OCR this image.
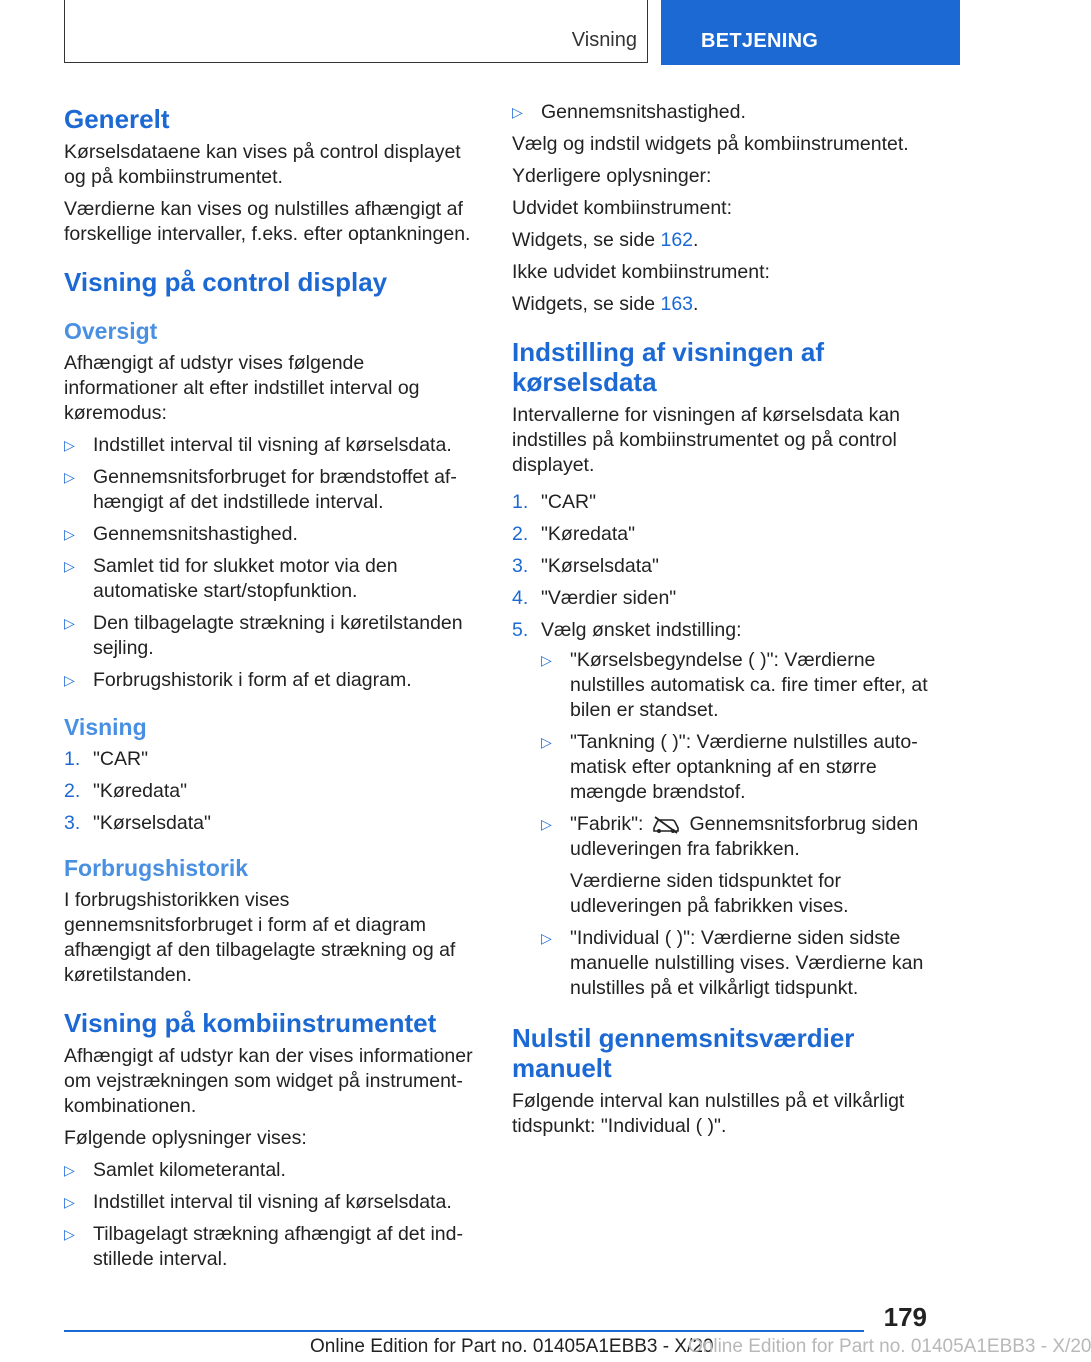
Visning	BETJENING
Generelt

Kørselsdataene kan vises på control displayet og på kombiinstrumentet.

Værdierne kan vises og nulstilles afhængigt af forskellige intervaller, f.eks. efter optankningen.

Visning på control display
Oversigt

Afhængigt af udstyr vises følgende informationer alt efter indstillet interval og køremodus:

▷ Indstillet interval til visning af kørselsdata.
▷ Gennemsnitsforbruget for brændstoffet afhængigt af det indstillede interval.
▷ Gennemsnitshastighed.
▷ Samlet tid for slukket motor via den automatiske start/stopfunktion.
▷ Den tilbagelagte strækning i køretilstanden sejling.
▷ Forbrugshistorik i form af et diagram.
Visning
1. "CAR"
2. "Køredata"
3. "Kørselsdata"
Forbrugshistorik

I forbrugshistorikken vises gennemsnitsforbruget i form af et diagram afhængigt af den tilbagelagte strækning og af køretilstanden.

Visning på kombiinstrumentet

Afhængigt af udstyr kan der vises informationer om vejstrækningen som widget på instrumentkombinationen.

Følgende oplysninger vises:

▷ Samlet kilometerantal.
▷ Indstillet interval til visning af kørselsdata.
▷ Tilbagelagt strækning afhængigt af det indstillede interval.
▷ Gennemsnitshastighed.

Vælg og indstil widgets på kombiinstrumentet.

Yderligere oplysninger:

Udvidet kombiinstrument:

Widgets, se side 162.

Ikke udvidet kombiinstrument:

Widgets, se side 163.

Indstilling af visningen af kørselsdata

Intervallerne for visningen af kørselsdata kan indstilles på kombiinstrumentet og på control displayet.

1. "CAR"
2. "Køredata"
3. "Kørselsdata"
4. "Værdier siden"
5. Vælg ønsket indstilling:
▷ "Kørselsbegyndelse ( )": Værdierne nulstilles automatisk ca. fire timer efter, at bilen er standset.
▷ "Tankning ( )": Værdierne nulstilles automatisk efter optankning af en større mængde brændstof.
▷ "Fabrik": Gennemsnitsforbrug siden udleveringen fra fabrikken.

Værdierne siden tidspunktet for udleveringen på fabrikken vises.

▷ "Individual ( )": Værdierne siden sidste manuelle nulstilling vises. Værdierne kan nulstilles på et vilkårligt tidspunkt.
Nulstil gennemsnitsværdier manuelt

Følgende interval kan nulstilles på et vilkårligt tidspunkt: "Individual ( )".

179
Online Edition for Part no. 01405A1EBB3 - X/20
Online Edition for Part no. 01405A1EBB3 - X/20
